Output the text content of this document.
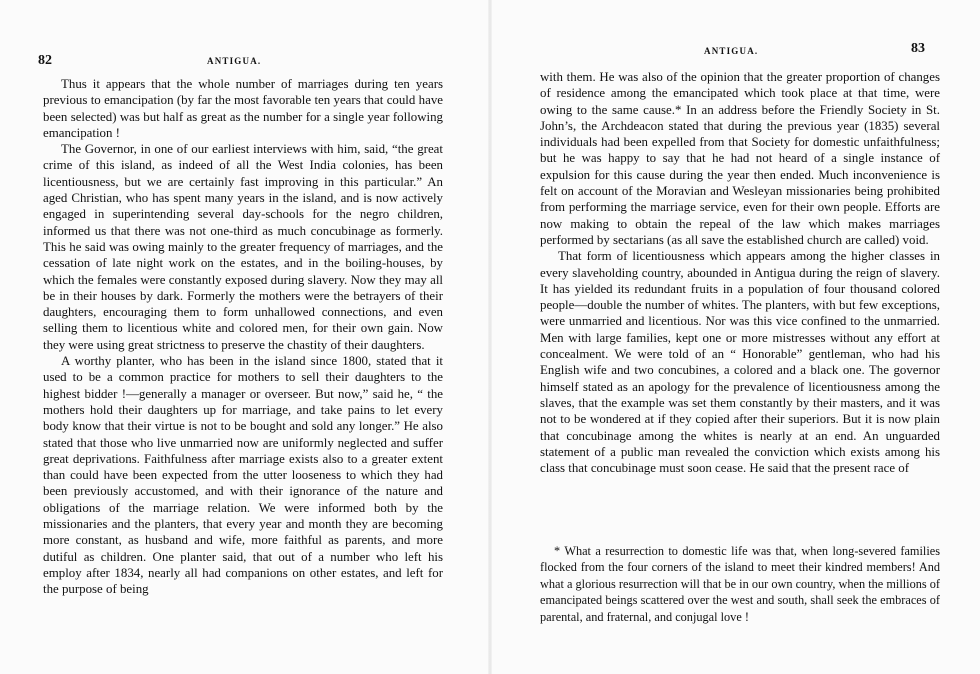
82	ANTIGUA.

Thus it appears that the whole number of marriages during ten years previous to emancipation (by far the most favorable ten years that could have been selected) was but half as great as the number for a single year following emancipation !

The Governor, in one of our earliest interviews with him, said, “the great crime of this island, as indeed of all the West India colonies, has been licentiousness, but we are certainly fast improving in this particular.” An aged Christian, who has spent many years in the island, and is now actively engaged in superintending several day-schools for the negro children, informed us that there was not one-third as much concubinage as formerly. This he said was owing mainly to the greater frequency of marriages, and the cessation of late night work on the estates, and in the boiling-houses, by which the females were constantly exposed during slavery. Now they may all be in their houses by dark. Formerly the mothers were the betrayers of their daughters, encouraging them to form unhallowed connections, and even selling them to licentious white and colored men, for their own gain. Now they were using great strictness to preserve the chastity of their daughters.

A worthy planter, who has been in the island since 1800, stated that it used to be a common practice for mothers to sell their daughters to the highest bidder !—generally a manager or overseer. But now,” said he, “ the mothers hold their daughters up for marriage, and take pains to let every body know that their virtue is not to be bought and sold any longer.” He also stated that those who live unmarried now are uniformly neglected and suffer great deprivations. Faithfulness after marriage exists also to a greater extent than could have been expected from the utter looseness to which they had been previously accustomed, and with their ignorance of the nature and obligations of the marriage relation. We were informed both by the missionaries and the planters, that every year and month they are becoming more constant, as husband and wife, more faithful as parents, and more dutiful as children. One planter said, that out of a number who left his employ after 1834, nearly all had companions on other estates, and left for the purpose of being

ANTIGUA.	83

with them. He was also of the opinion that the greater proportion of changes of residence among the emancipated which took place at that time, were owing to the same cause.* In an address before the Friendly Society in St. John’s, the Archdeacon stated that during the previous year (1835) several individuals had been expelled from that Society for domestic unfaithfulness; but he was happy to say that he had not heard of a single instance of expulsion for this cause during the year then ended. Much inconvenience is felt on account of the Moravian and Wesleyan missionaries being prohibited from performing the marriage service, even for their own people. Efforts are now making to obtain the repeal of the law which makes marriages performed by sectarians (as all save the established church are called) void.

That form of licentiousness which appears among the higher classes in every slaveholding country, abounded in Antigua during the reign of slavery. It has yielded its redundant fruits in a population of four thousand colored people—double the number of whites. The planters, with but few exceptions, were unmarried and licentious. Nor was this vice confined to the unmarried. Men with large families, kept one or more mistresses without any effort at concealment. We were told of an “ Honorable” gentleman, who had his English wife and two concubines, a colored and a black one. The governor himself stated as an apology for the prevalence of licentiousness among the slaves, that the example was set them constantly by their masters, and it was not to be wondered at if they copied after their superiors. But it is now plain that concubinage among the whites is nearly at an end. An unguarded statement of a public man revealed the conviction which exists among his class that concubinage must soon cease. He said that the present race of

* What a resurrection to domestic life was that, when long-severed families flocked from the four corners of the island to meet their kindred members! And what a glorious resurrection will that be in our own country, when the millions of emancipated beings scattered over the west and south, shall seek the embraces of parental, and fraternal, and conjugal love !
